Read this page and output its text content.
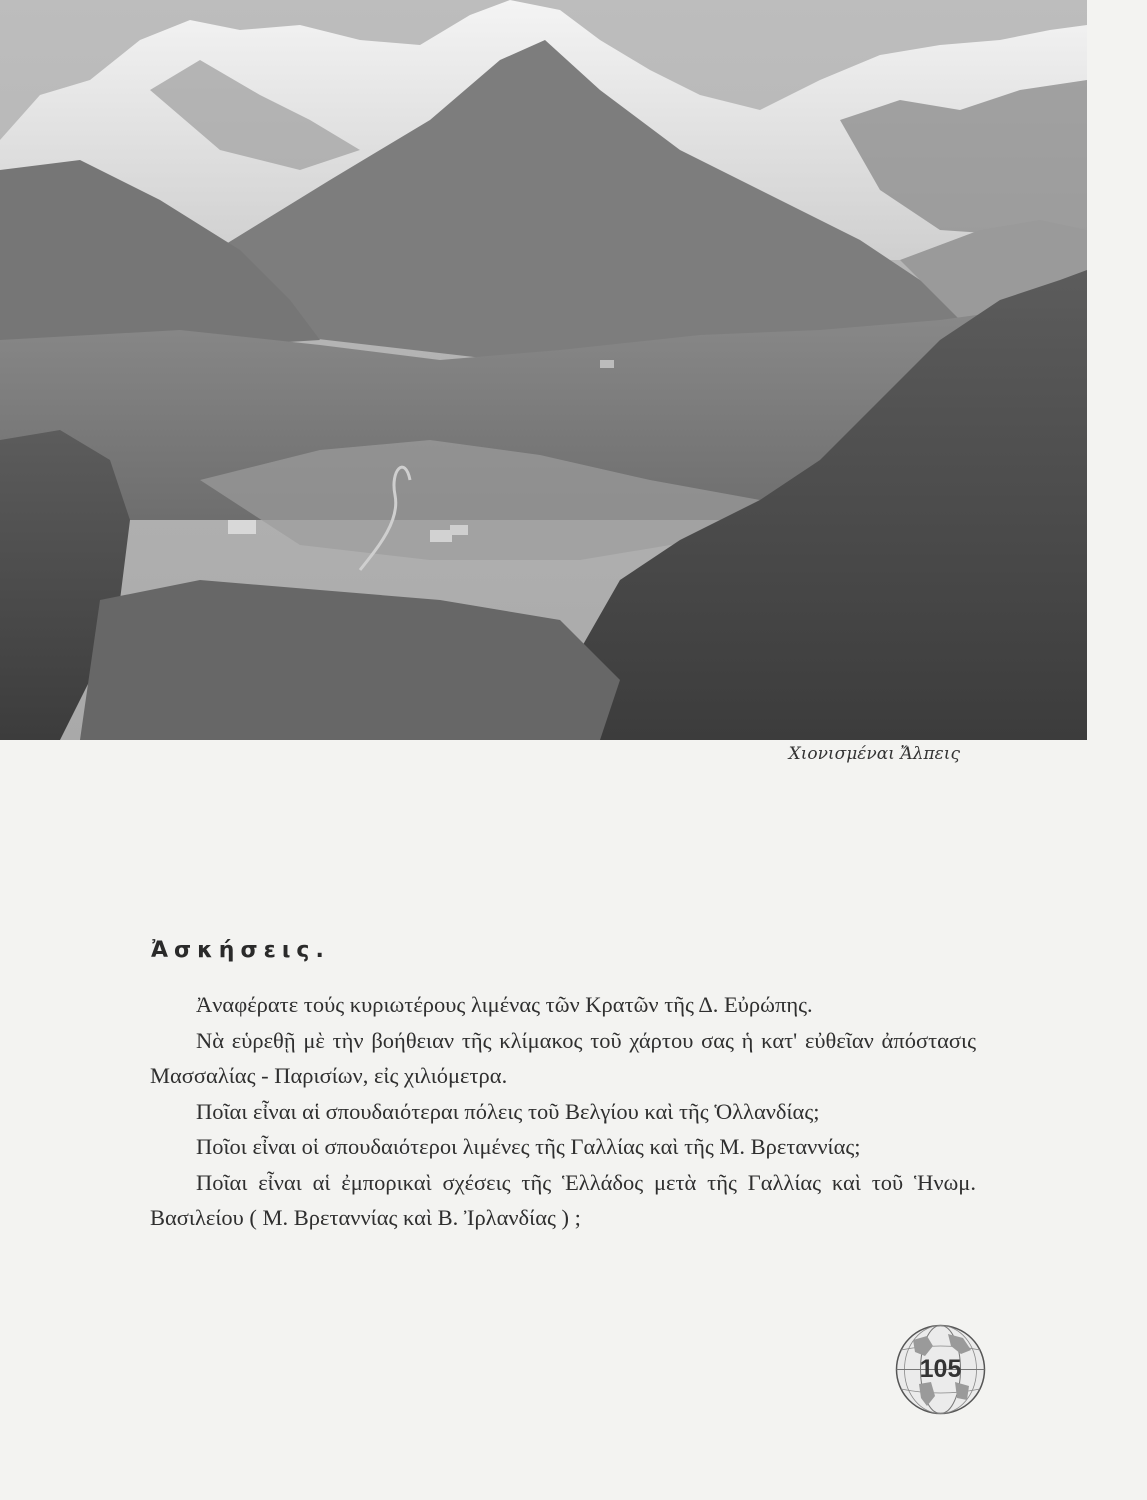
Χιονισμέναι Ἄλπεις
Ἀσκήσεις.

Ἀναφέρατε τούς κυριωτέρους λιμένας τῶν Κρατῶν τῆς Δ. Εὐρώπης.

Νὰ εὑρεθῇ μὲ τὴν βοήθειαν τῆς κλίμακος τοῦ χάρτου σας ἡ κατ' εὐθεῖαν ἀπόστασις Μασσαλίας - Παρισίων, εἰς χιλιόμετρα.

Ποῖαι εἶναι αἱ σπουδαιότεραι πόλεις τοῦ Βελγίου καὶ τῆς Ὁλλανδίας;

Ποῖοι εἶναι οἱ σπουδαιότεροι λιμένες τῆς Γαλλίας καὶ τῆς Μ. Βρεταννίας;

Ποῖαι εἶναι αἱ ἐμπορικαὶ σχέσεις τῆς Ἑλλάδος μετὰ τῆς Γαλλίας καὶ τοῦ Ἡνωμ. Βασιλείου ( Μ. Βρεταννίας καὶ Β. Ἰρλανδίας ) ;

105
